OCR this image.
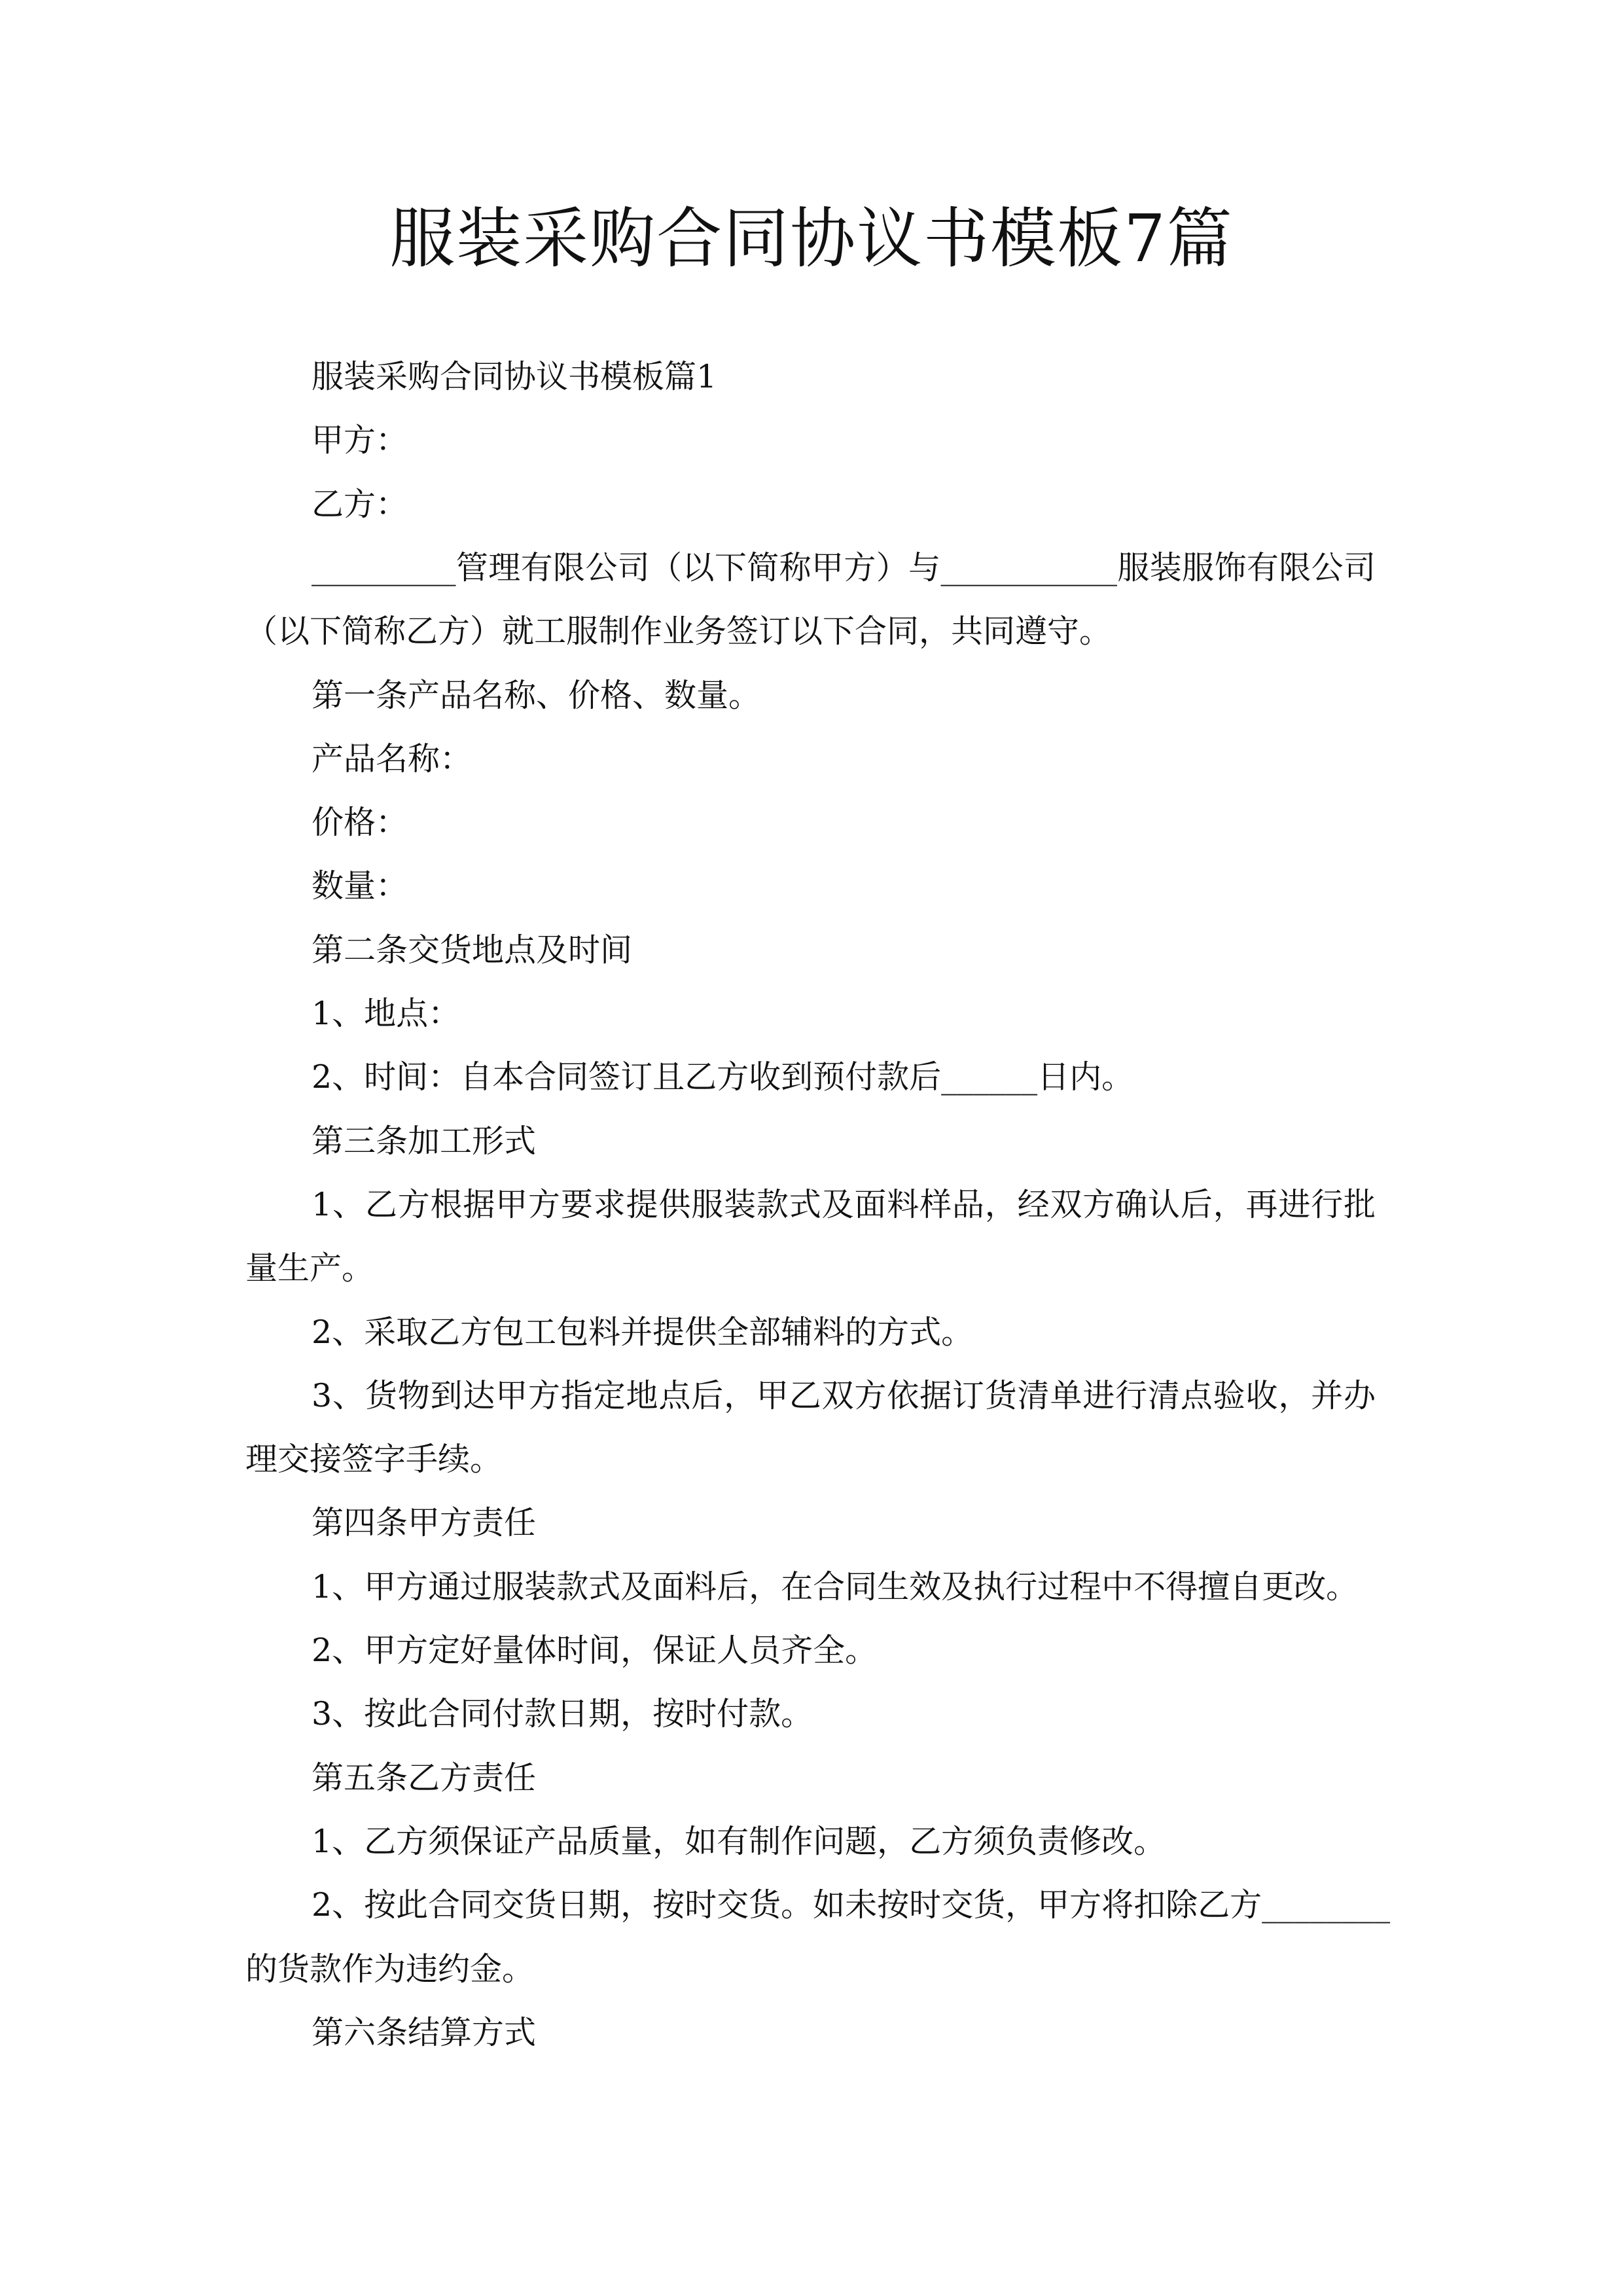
服装采购合同协议书模板7篇
服装采购合同协议书模板篇1
甲方：
乙方：
_________管理有限公司（以下简称甲方）与___________服装服饰有限公司
（以下简称乙方）就工服制作业务签订以下合同，共同遵守。
第一条产品名称、价格、数量。
产品名称：
价格：
数量：
第二条交货地点及时间
1、地点：
2、时间：自本合同签订且乙方收到预付款后______日内。
第三条加工形式
1、乙方根据甲方要求提供服装款式及面料样品，经双方确认后，再进行批
量生产。
2、采取乙方包工包料并提供全部辅料的方式。
3、货物到达甲方指定地点后，甲乙双方依据订货清单进行清点验收，并办
理交接签字手续。
第四条甲方责任
1、甲方通过服装款式及面料后，在合同生效及执行过程中不得擅自更改。
2、甲方定好量体时间，保证人员齐全。
3、按此合同付款日期，按时付款。
第五条乙方责任
1、乙方须保证产品质量，如有制作问题，乙方须负责修改。
2、按此合同交货日期，按时交货。如未按时交货，甲方将扣除乙方________
的货款作为违约金。
第六条结算方式
